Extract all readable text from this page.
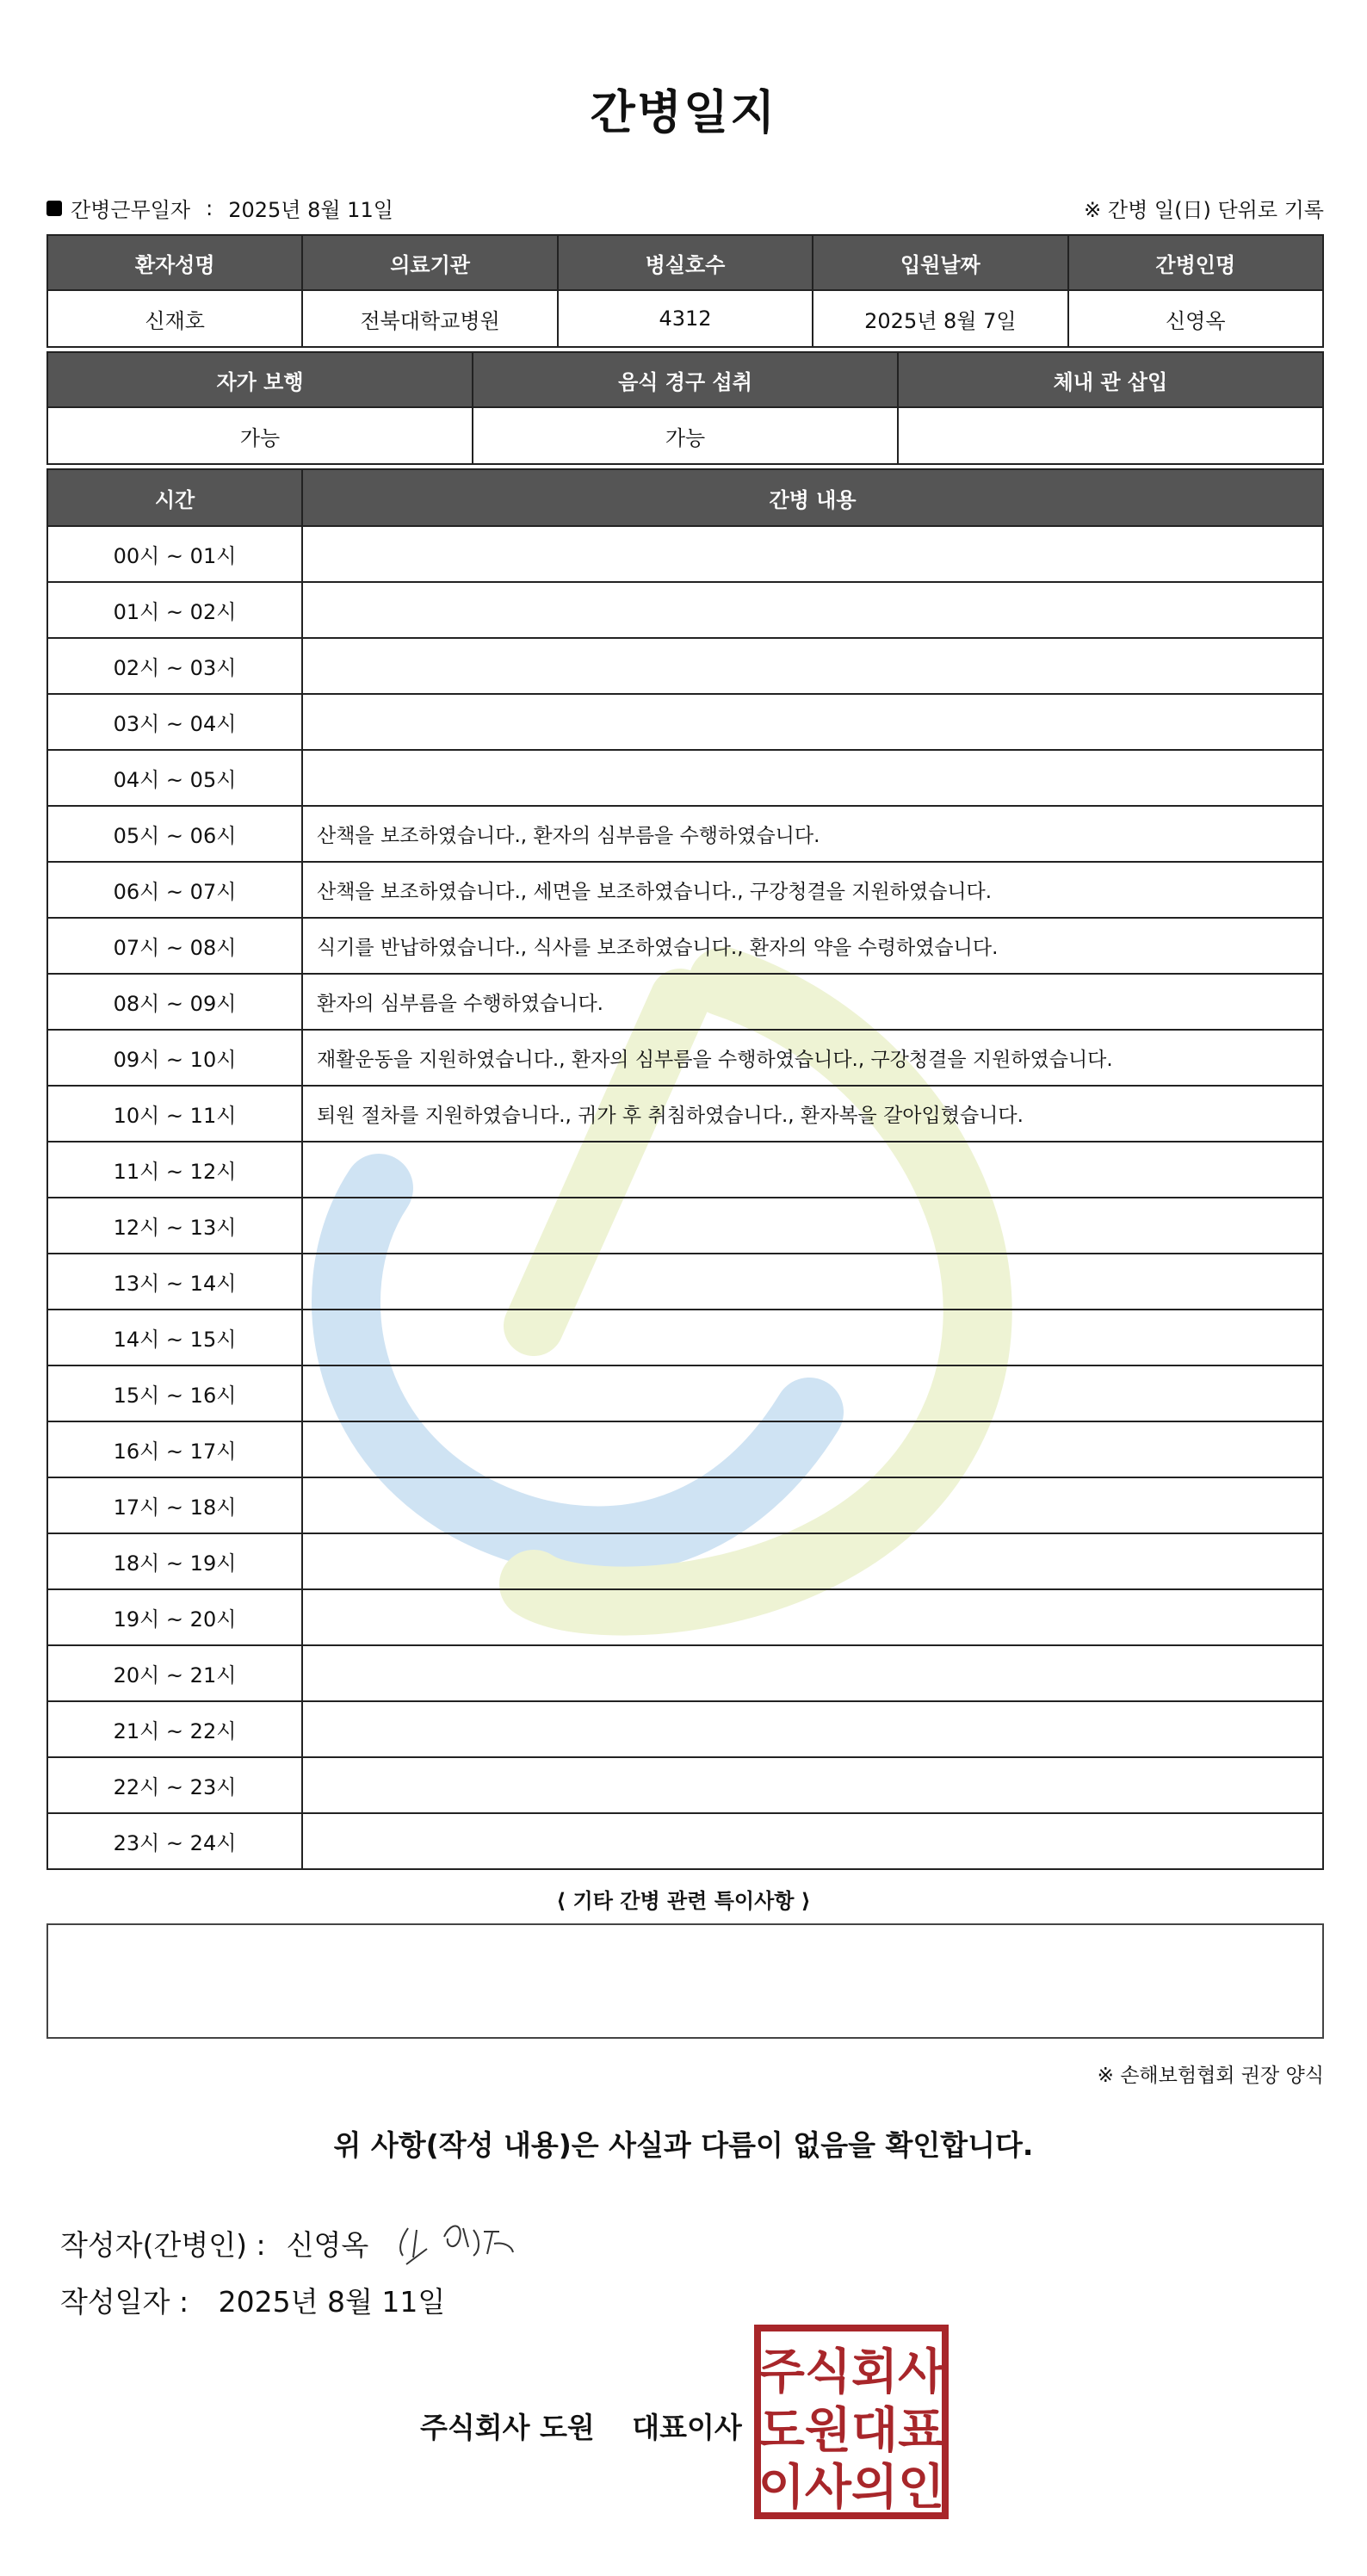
간병일지
간병근무일자 : 2025년 8월 11일	※ 간병 일(日) 단위로 기록
환자성명	의료기관	병실호수	입원날짜	간병인명
신재호	전북대학교병원	4312	2025년 8월 7일	신영옥
자가 보행	음식 경구 섭취	체내 관 삽입
가능	가능	
시간	간병 내용
00시 ~ 01시	
01시 ~ 02시	
02시 ~ 03시	
03시 ~ 04시	
04시 ~ 05시	
05시 ~ 06시	산책을 보조하였습니다., 환자의 심부름을 수행하였습니다.
06시 ~ 07시	산책을 보조하였습니다., 세면을 보조하였습니다., 구강청결을 지원하였습니다.
07시 ~ 08시	식기를 반납하였습니다., 식사를 보조하였습니다., 환자의 약을 수령하였습니다.
08시 ~ 09시	환자의 심부름을 수행하였습니다.
09시 ~ 10시	재활운동을 지원하였습니다., 환자의 심부름을 수행하였습니다., 구강청결을 지원하였습니다.
10시 ~ 11시	퇴원 절차를 지원하였습니다., 귀가 후 취침하였습니다., 환자복을 갈아입혔습니다.
11시 ~ 12시	
12시 ~ 13시	
13시 ~ 14시	
14시 ~ 15시	
15시 ~ 16시	
16시 ~ 17시	
17시 ~ 18시	
18시 ~ 19시	
19시 ~ 20시	
20시 ~ 21시	
21시 ~ 22시	
22시 ~ 23시	
23시 ~ 24시	
⟨ 기타 간병 관련 특이사항 ⟩
※ 손해보험협회 권장 양식
위 사항(작성 내용)은 사실과 다름이 없음을 확인합니다.
작성자(간병인) : 신영옥
작성일자 : 2025년 8월 11일
주식회사 도원 대표이사
주식회사
도원대표
이사의인
